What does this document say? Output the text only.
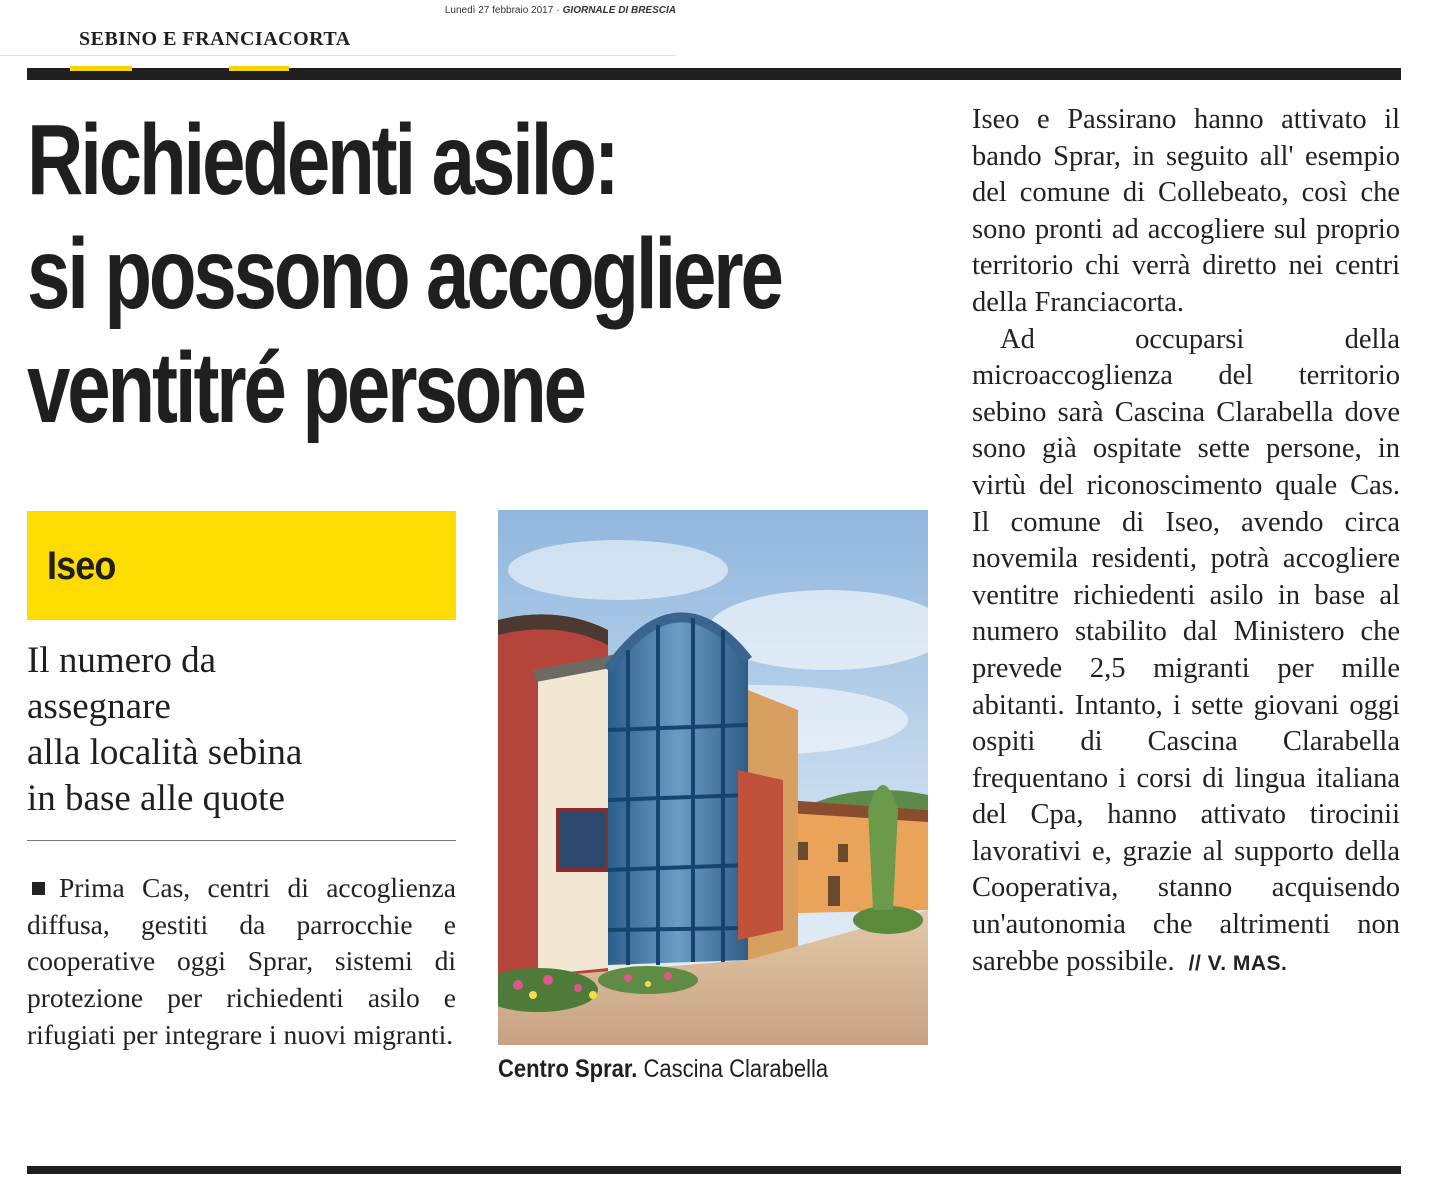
Lunedì 27 febbraio 2017 · GIORNALE DI BRESCIA
SEBINO E FRANCIACORTA
Richiedenti asilo:
si possono accogliere
ventitré persone
Iseo
Il numero da
assegnare
alla località sebina
in base alle quote

Prima Cas, centri di accoglienza diffusa, gestiti da parrocchie e cooperative oggi Sprar, sistemi di protezione per richiedenti asilo e rifugiati per integrare i nuovi migranti.

Centro Sprar. Cascina Clarabella

Iseo e Passirano hanno attivato il bando Sprar, in seguito all' esempio del comune di Collebeato, così che sono pronti ad accogliere sul proprio territorio chi verrà diretto nei centri della Franciacorta.

Ad occuparsi della microaccoglienza del territorio sebino sarà Cascina Clarabella dove sono già ospitate sette persone, in virtù del riconoscimento quale Cas. Il comune di Iseo, avendo circa novemila residenti, potrà accogliere ventitre richiedenti asilo in base al numero stabilito dal Ministero che prevede 2,5 migranti per mille abitanti. Intanto, i sette giovani oggi ospiti di Cascina Clarabella frequentano i corsi di lingua italiana del Cpa, hanno attivato tirocinii lavorativi e, grazie al supporto della Cooperativa, stanno acquisendo un'autonomia che altrimenti non sarebbe possibile. // V. MAS.
